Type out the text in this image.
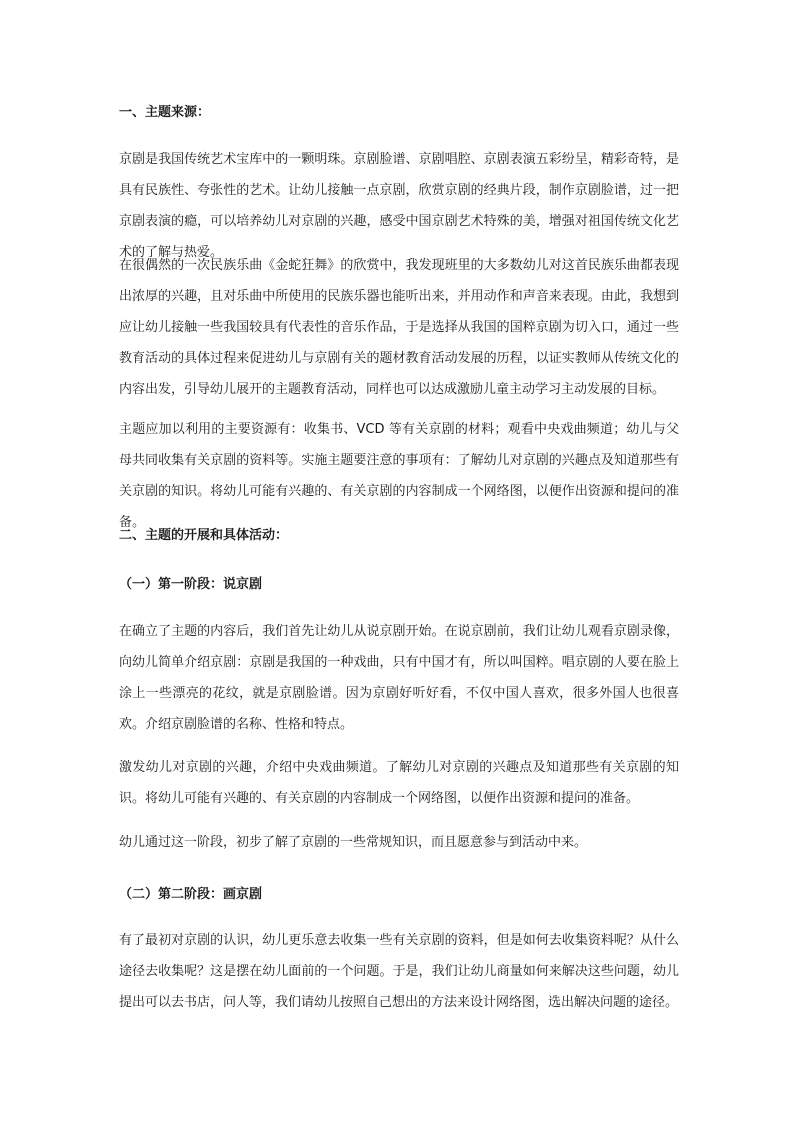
一、主题来源：

京剧是我国传统艺术宝库中的一颗明珠。京剧脸谱、京剧唱腔、京剧表演五彩纷呈，精彩奇特，是具有民族性、夸张性的艺术。让幼儿接触一点京剧，欣赏京剧的经典片段，制作京剧脸谱，过一把京剧表演的瘾，可以培养幼儿对京剧的兴趣，感受中国京剧艺术特殊的美，增强对祖国传统文化艺术的了解与热爱。

在很偶然的一次民族乐曲《金蛇狂舞》的欣赏中，我发现班里的大多数幼儿对这首民族乐曲都表现出浓厚的兴趣，且对乐曲中所使用的民族乐器也能听出来，并用动作和声音来表现。由此，我想到应让幼儿接触一些我国较具有代表性的音乐作品，于是选择从我国的国粹京剧为切入口，通过一些教育活动的具体过程来促进幼儿与京剧有关的题材教育活动发展的历程，以证实教师从传统文化的内容出发，引导幼儿展开的主题教育活动，同样也可以达成激励儿童主动学习主动发展的目标。

主题应加以利用的主要资源有：收集书、VCD 等有关京剧的材料；观看中央戏曲频道；幼儿与父母共同收集有关京剧的资料等。实施主题要注意的事项有：了解幼儿对京剧的兴趣点及知道那些有关京剧的知识。将幼儿可能有兴趣的、有关京剧的内容制成一个网络图，以便作出资源和提问的准备。

二、主题的开展和具体活动：
（一）第一阶段：说京剧

在确立了主题的内容后，我们首先让幼儿从说京剧开始。在说京剧前，我们让幼儿观看京剧录像，向幼儿简单介绍京剧：京剧是我国的一种戏曲，只有中国才有，所以叫国粹。唱京剧的人要在脸上涂上一些漂亮的花纹，就是京剧脸谱。因为京剧好听好看，不仅中国人喜欢，很多外国人也很喜欢。介绍京剧脸谱的名称、性格和特点。

激发幼儿对京剧的兴趣，介绍中央戏曲频道。了解幼儿对京剧的兴趣点及知道那些有关京剧的知识。将幼儿可能有兴趣的、有关京剧的内容制成一个网络图，以便作出资源和提问的准备。

幼儿通过这一阶段，初步了解了京剧的一些常规知识，而且愿意参与到活动中来。

（二）第二阶段：画京剧

有了最初对京剧的认识，幼儿更乐意去收集一些有关京剧的资料，但是如何去收集资料呢？从什么途径去收集呢？这是摆在幼儿面前的一个问题。于是，我们让幼儿商量如何来解决这些问题，幼儿提出可以去书店，问人等，我们请幼儿按照自己想出的方法来设计网络图，选出解决问题的途径。
